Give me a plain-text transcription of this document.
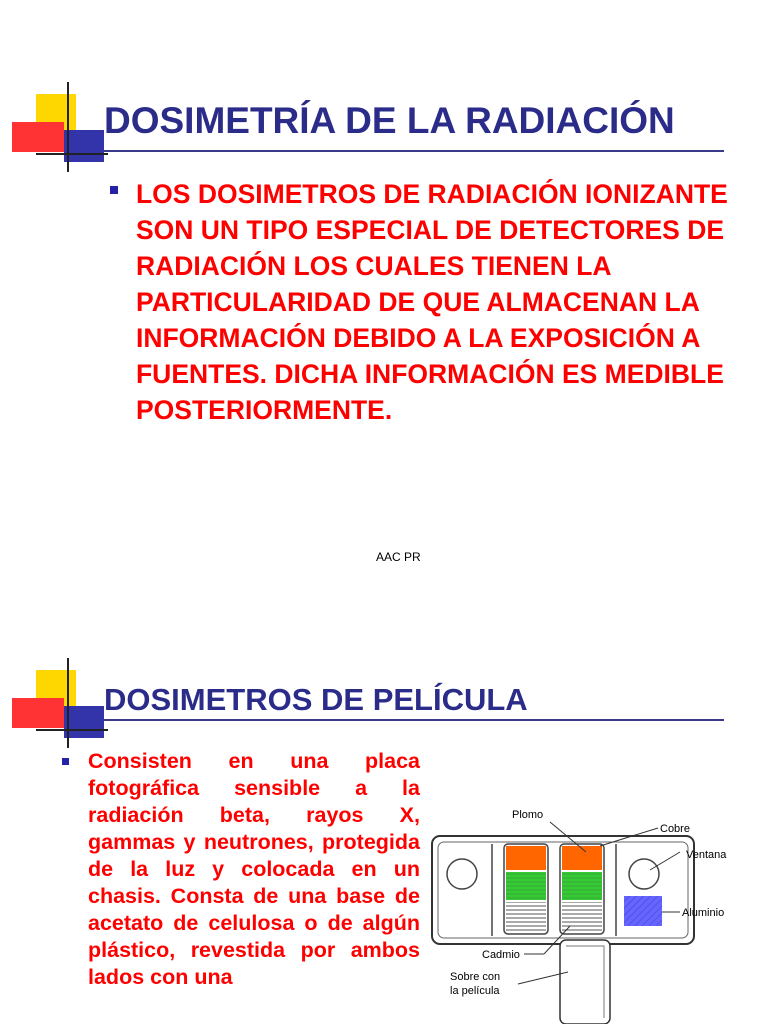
DOSIMETRÍA DE LA RADIACIÓN

LOS DOSIMETROS DE RADIACIÓN IONIZANTE SON UN TIPO ESPECIAL DE DETECTORES DE RADIACIÓN LOS CUALES TIENEN LA PARTICULARIDAD DE QUE ALMACENAN LA INFORMACIÓN DEBIDO A LA EXPOSICIÓN A FUENTES. DICHA INFORMACIÓN ES MEDIBLE POSTERIORMENTE.

AAC PR
DOSIMETROS DE PELÍCULA

Consisten en una placa fotográfica sensible a la radiación beta, rayos X, gammas y neutrones, protegida de la luz y colocada en un chasis. Consta de una base de acetato de celulosa o de algún plástico, revestida por ambos lados con una

Plomo
Cobre
Ventana
Aluminio
Cadmio
Sobre con
la película
